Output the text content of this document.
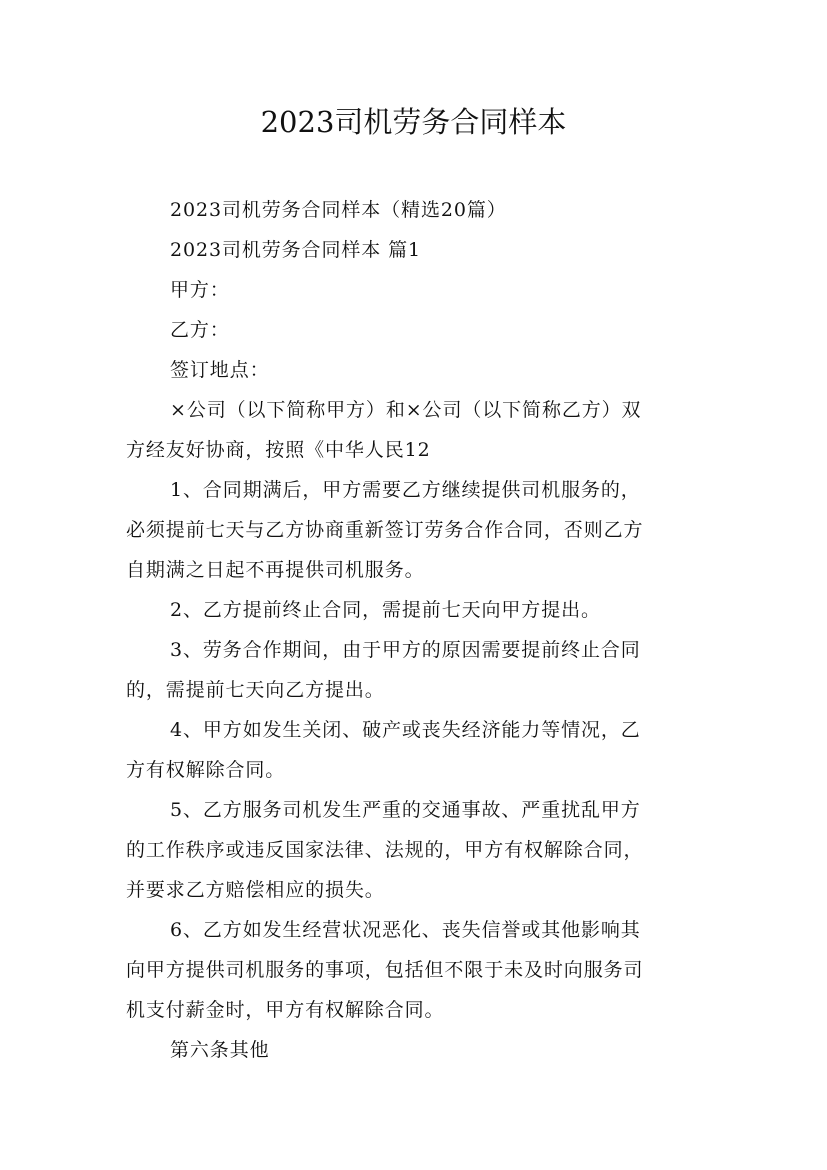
2023司机劳务合同样本
2023司机劳务合同样本（精选20篇）
2023司机劳务合同样本 篇1
甲方：
乙方：
签订地点：
×公司（以下简称甲方）和×公司（以下简称乙方）双
方经友好协商，按照《中华人民12
1、合同期满后，甲方需要乙方继续提供司机服务的，
必须提前七天与乙方协商重新签订劳务合作合同，否则乙方
自期满之日起不再提供司机服务。
2、乙方提前终止合同，需提前七天向甲方提出。
3、劳务合作期间，由于甲方的原因需要提前终止合同
的，需提前七天向乙方提出。
4、甲方如发生关闭、破产或丧失经济能力等情况，乙
方有权解除合同。
5、乙方服务司机发生严重的交通事故、严重扰乱甲方
的工作秩序或违反国家法律、法规的，甲方有权解除合同，
并要求乙方赔偿相应的损失。
6、乙方如发生经营状况恶化、丧失信誉或其他影响其
向甲方提供司机服务的事项，包括但不限于未及时向服务司
机支付薪金时，甲方有权解除合同。
第六条其他
